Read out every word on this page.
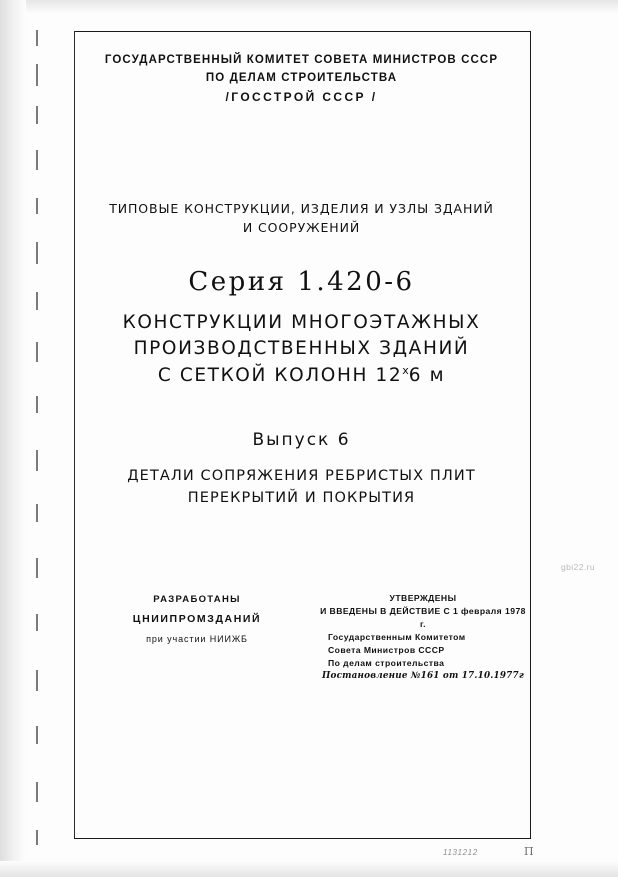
ГОСУДАРСТВЕННЫЙ КОМИТЕТ СОВЕТА МИНИСТРОВ СССР
ПО ДЕЛАМ СТРОИТЕЛЬСТВА
/ГОССТРОЙ СССР /
ТИПОВЫЕ КОНСТРУКЦИИ, ИЗДЕЛИЯ И УЗЛЫ ЗДАНИЙ
И СООРУЖЕНИЙ
Серия 1.420-6
КОНСТРУКЦИИ МНОГОЭТАЖНЫХ
ПРОИЗВОДСТВЕННЫХ ЗДАНИЙ
С СЕТКОЙ КОЛОНН $12^х6$ м
Выпуск 6
ДЕТАЛИ СОПРЯЖЕНИЯ РЕБРИСТЫХ ПЛИТ
ПЕРЕКРЫТИЙ И ПОКРЫТИЯ
РАЗРАБОТАНЫ
ЦНИИПРОМЗДАНИЙ
при участии НИИЖБ
УТВЕРЖДЕНЫ
И ВВЕДЕНЫ В ДЕЙСТВИЕ С 1 февраля 1978 г.
Государственным Комитетом
Совета Министров СССР
По делам строительства
Постановление №161 от 17.10.1977г
gbi22.ru
1131212	П
